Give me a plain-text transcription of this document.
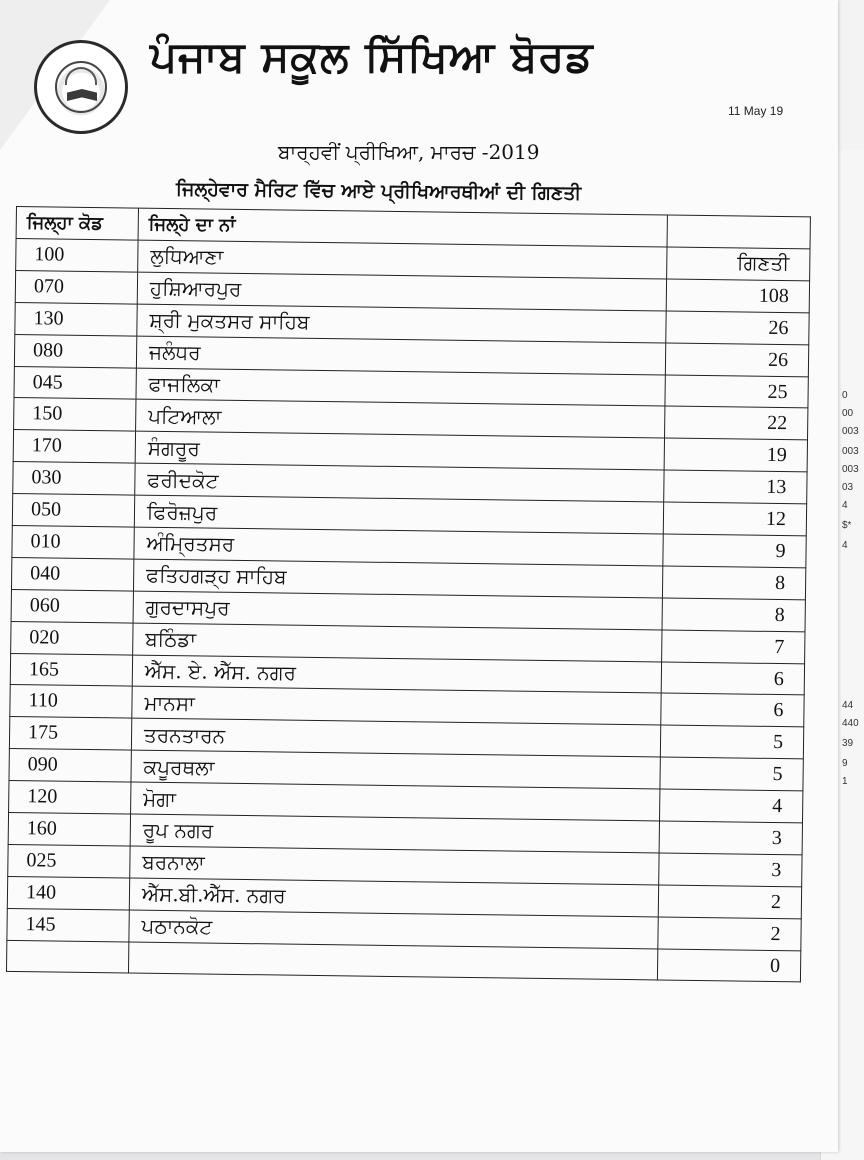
0
00
003
003
003
03
4
$*
4
44
440
39
9
1
ਪੰਜਾਬ ਸਕੂਲ ਸਿੱਖਿਆ ਬੋਰਡ
11 May 19
ਬਾਰ੍ਹਵੀਂ ਪ੍ਰੀਖਿਆ, ਮਾਰਚ -2019
ਜਿਲ੍ਹੇਵਾਰ ਮੈਰਿਟ ਵਿੱਚ ਆਏ ਪ੍ਰੀਖਿਆਰਥੀਆਂ ਦੀ ਗਿਣਤੀ
ਜਿਲ੍ਹਾ ਕੋਡ	ਜਿਲ੍ਹੇ ਦਾ ਨਾਂ	
100	ਲੁਧਿਆਣਾ	ਗਿਣਤੀ
070	ਹੁਸ਼ਿਆਰਪੁਰ	108
130	ਸ਼੍ਰੀ ਮੁਕਤਸਰ ਸਾਹਿਬ	26
080	ਜਲੰਧਰ	26
045	ਫਾਜਲਿਕਾ	25
150	ਪਟਿਆਲਾ	22
170	ਸੰਗਰੂਰ	19
030	ਫਰੀਦਕੋਟ	13
050	ਫਿਰੋਜ਼ਪੁਰ	12
010	ਅੰਮ੍ਰਿਤਸਰ	9
040	ਫਤਿਹਗੜ੍ਹ ਸਾਹਿਬ	8
060	ਗੁਰਦਾਸਪੁਰ	8
020	ਬਠਿੰਡਾ	7
165	ਐੱਸ. ਏ. ਐੱਸ. ਨਗਰ	6
110	ਮਾਨਸਾ	6
175	ਤਰਨਤਾਰਨ	5
090	ਕਪੂਰਥਲਾ	5
120	ਮੋਗਾ	4
160	ਰੂਪ ਨਗਰ	3
025	ਬਰਨਾਲਾ	3
140	ਐੱਸ.ਬੀ.ਐੱਸ. ਨਗਰ	2
145	ਪਠਾਨਕੋਟ	2
		0
